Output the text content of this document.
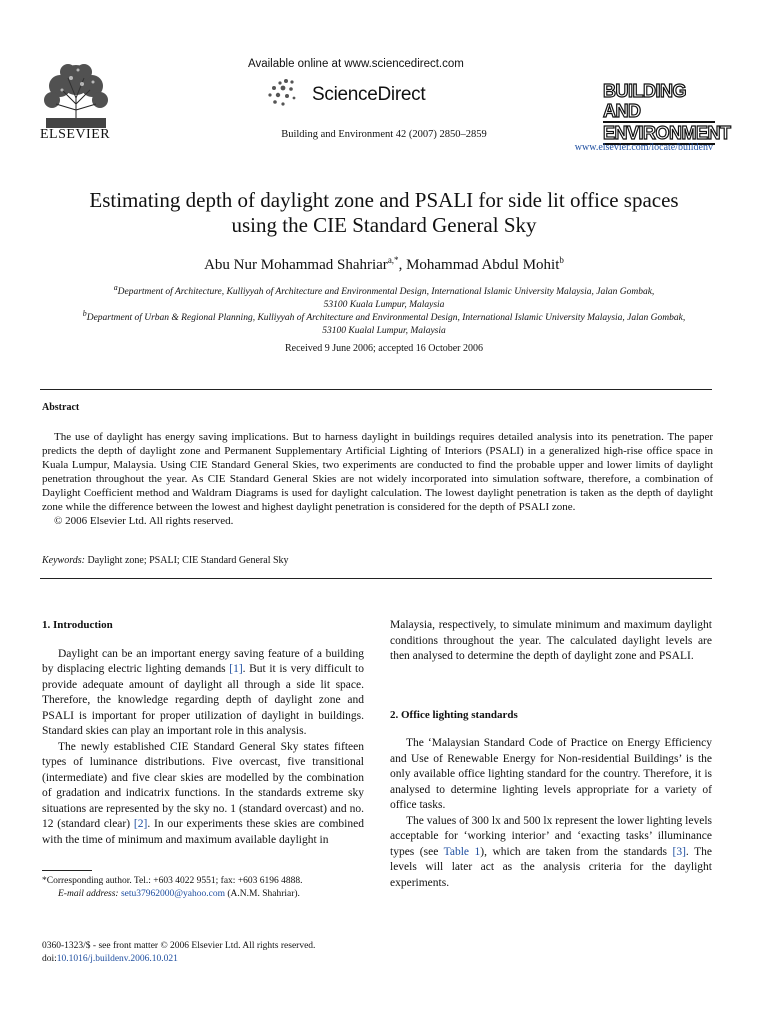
ELSEVIER
Available online at www.sciencedirect.com
ScienceDirect
Building and Environment 42 (2007) 2850–2859
BUILDING AND
ENVIRONMENT
www.elsevier.com/locate/buildenv
Estimating depth of daylight zone and PSALI for side lit office spaces
using the CIE Standard General Sky
Abu Nur Mohammad Shahriar$^{a,*}$, Mohammad Abdul Mohit$^b$
$^a$Department of Architecture, Kulliyyah of Architecture and Environmental Design, International Islamic University Malaysia, Jalan Gombak,
53100 Kuala Lumpur, Malaysia
$^b$Department of Urban & Regional Planning, Kulliyyah of Architecture and Environmental Design, International Islamic University Malaysia, Jalan Gombak,
53100 Kualal Lumpur, Malaysia
Received 9 June 2006; accepted 16 October 2006
Abstract

The use of daylight has energy saving implications. But to harness daylight in buildings requires detailed analysis into its penetration. The paper predicts the depth of daylight zone and Permanent Supplementary Artificial Lighting of Interiors (PSALI) in a generalized high-rise office space in Kuala Lumpur, Malaysia. Using CIE Standard General Skies, two experiments are conducted to find the probable upper and lower limits of daylight penetration throughout the year. As CIE Standard General Skies are not widely incorporated into simulation software, therefore, a combination of Daylight Coefficient method and Waldram Diagrams is used for daylight calculation. The lowest daylight penetration is taken as the depth of daylight zone while the difference between the lowest and highest daylight penetration is considered for the depth of PSALI zone.

© 2006 Elsevier Ltd. All rights reserved.

Keywords: Daylight zone; PSALI; CIE Standard General Sky
1. Introduction

Daylight can be an important energy saving feature of a building by displacing electric lighting demands [1]. But it is very difficult to provide adequate amount of daylight all through a side lit space. Therefore, the knowledge regarding depth of daylight zone and PSALI is important for proper utilization of daylight in buildings. Standard skies can play an important role in this analysis.

The newly established CIE Standard General Sky states fifteen types of luminance distributions. Five overcast, five transitional (intermediate) and five clear skies are modelled by the combination of gradation and indicatrix functions. In the standards extreme sky situations are represented by the sky no. 1 (standard overcast) and no. 12 (standard clear) [2]. In our experiments these skies are combined with the time of minimum and maximum available daylight in

Malaysia, respectively, to simulate minimum and maximum daylight conditions throughout the year. The calculated daylight levels are then analysed to determine the depth of daylight zone and PSALI.

2. Office lighting standards

The ‘Malaysian Standard Code of Practice on Energy Efficiency and Use of Renewable Energy for Non-residential Buildings’ is the only available office lighting standard for the country. Therefore, it is analysed to determine lighting levels appropriate for a variety of office tasks.

The values of 300 lx and 500 lx represent the lower lighting levels acceptable for ‘working interior’ and ‘exacting tasks’ illuminance types (see Table 1), which are taken from the standards [3]. The levels will later act as the analysis criteria for the daylight experiments.

*Corresponding author. Tel.: +603 4022 9551; fax: +603 6196 4888.
E-mail address: setu37962000@yahoo.com (A.N.M. Shahriar).
0360-1323/$ - see front matter © 2006 Elsevier Ltd. All rights reserved.
doi:10.1016/j.buildenv.2006.10.021
